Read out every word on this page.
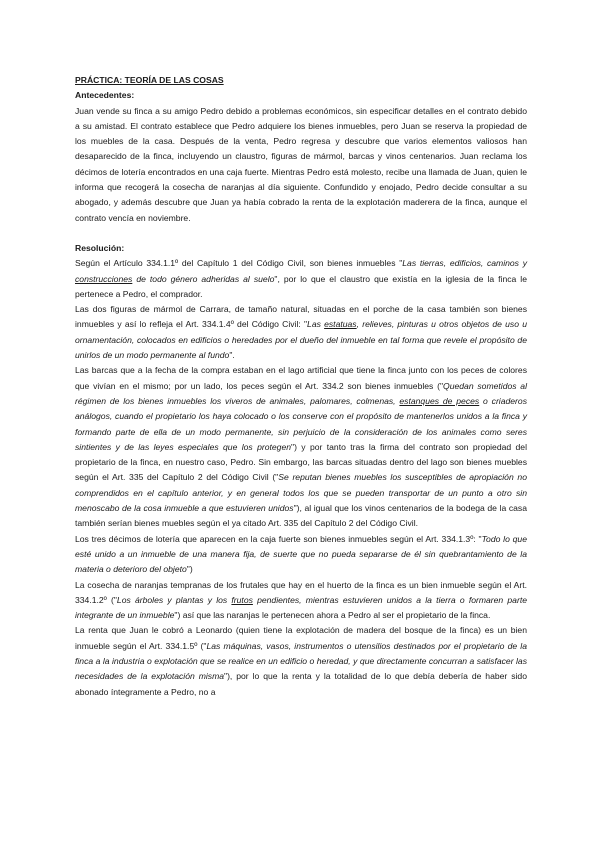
PRÁCTICA: TEORÍA DE LAS COSAS

Antecedentes:

Juan vende su finca a su amigo Pedro debido a problemas económicos, sin especificar detalles en el contrato debido a su amistad. El contrato establece que Pedro adquiere los bienes inmuebles, pero Juan se reserva la propiedad de los muebles de la casa. Después de la venta, Pedro regresa y descubre que varios elementos valiosos han desaparecido de la finca, incluyendo un claustro, figuras de mármol, barcas y vinos centenarios. Juan reclama los décimos de lotería encontrados en una caja fuerte. Mientras Pedro está molesto, recibe una llamada de Juan, quien le informa que recogerá la cosecha de naranjas al día siguiente. Confundido y enojado, Pedro decide consultar a su abogado, y además descubre que Juan ya había cobrado la renta de la explotación maderera de la finca, aunque el contrato vencía en noviembre.

Resolución:

Según el Artículo 334.1.1º del Capítulo 1 del Código Civil, son bienes inmuebles "Las tierras, edificios, caminos y construcciones de todo género adheridas al suelo", por lo que el claustro que existía en la iglesia de la finca le pertenece a Pedro, el comprador.

Las dos figuras de mármol de Carrara, de tamaño natural, situadas en el porche de la casa también son bienes inmuebles y así lo refleja el Art. 334.1.4º del Código Civil: "Las estatuas, relieves, pinturas u otros objetos de uso u ornamentación, colocados en edificios o heredades por el dueño del inmueble en tal forma que revele el propósito de unirlos de un modo permanente al fundo".

Las barcas que a la fecha de la compra estaban en el lago artificial que tiene la finca junto con los peces de colores que vivían en el mismo; por un lado, los peces según el Art. 334.2 son bienes inmuebles ("Quedan sometidos al régimen de los bienes inmuebles los viveros de animales, palomares, colmenas, estanques de peces o criaderos análogos, cuando el propietario los haya colocado o los conserve con el propósito de mantenerlos unidos a la finca y formando parte de ella de un modo permanente, sin perjuicio de la consideración de los animales como seres sintientes y de las leyes especiales que los protegen") y por tanto tras la firma del contrato son propiedad del propietario de la finca, en nuestro caso, Pedro. Sin embargo, las barcas situadas dentro del lago son bienes muebles según el Art. 335 del Capítulo 2 del Código Civil ("Se reputan bienes muebles los susceptibles de apropiación no comprendidos en el capítulo anterior, y en general todos los que se pueden transportar de un punto a otro sin menoscabo de la cosa inmueble a que estuvieren unidos"), al igual que los vinos centenarios de la bodega de la casa también serían bienes muebles según el ya citado Art. 335 del Capítulo 2 del Código Civil.

Los tres décimos de lotería que aparecen en la caja fuerte son bienes inmuebles según el Art. 334.1.3º: "Todo lo que esté unido a un inmueble de una manera fija, de suerte que no pueda separarse de él sin quebrantamiento de la materia o deterioro del objeto")

La cosecha de naranjas tempranas de los frutales que hay en el huerto de la finca es un bien inmueble según el Art. 334.1.2º ("Los árboles y plantas y los frutos pendientes, mientras estuvieren unidos a la tierra o formaren parte integrante de un inmueble") así que las naranjas le pertenecen ahora a Pedro al ser el propietario de la finca.

La renta que Juan le cobró a Leonardo (quien tiene la explotación de madera del bosque de la finca) es un bien inmueble según el Art. 334.1.5º ("Las máquinas, vasos, instrumentos o utensilios destinados por el propietario de la finca a la industria o explotación que se realice en un edificio o heredad, y que directamente concurran a satisfacer las necesidades de la explotación misma"), por lo que la renta y la totalidad de lo que debía debería de haber sido abonado íntegramente a Pedro, no a
